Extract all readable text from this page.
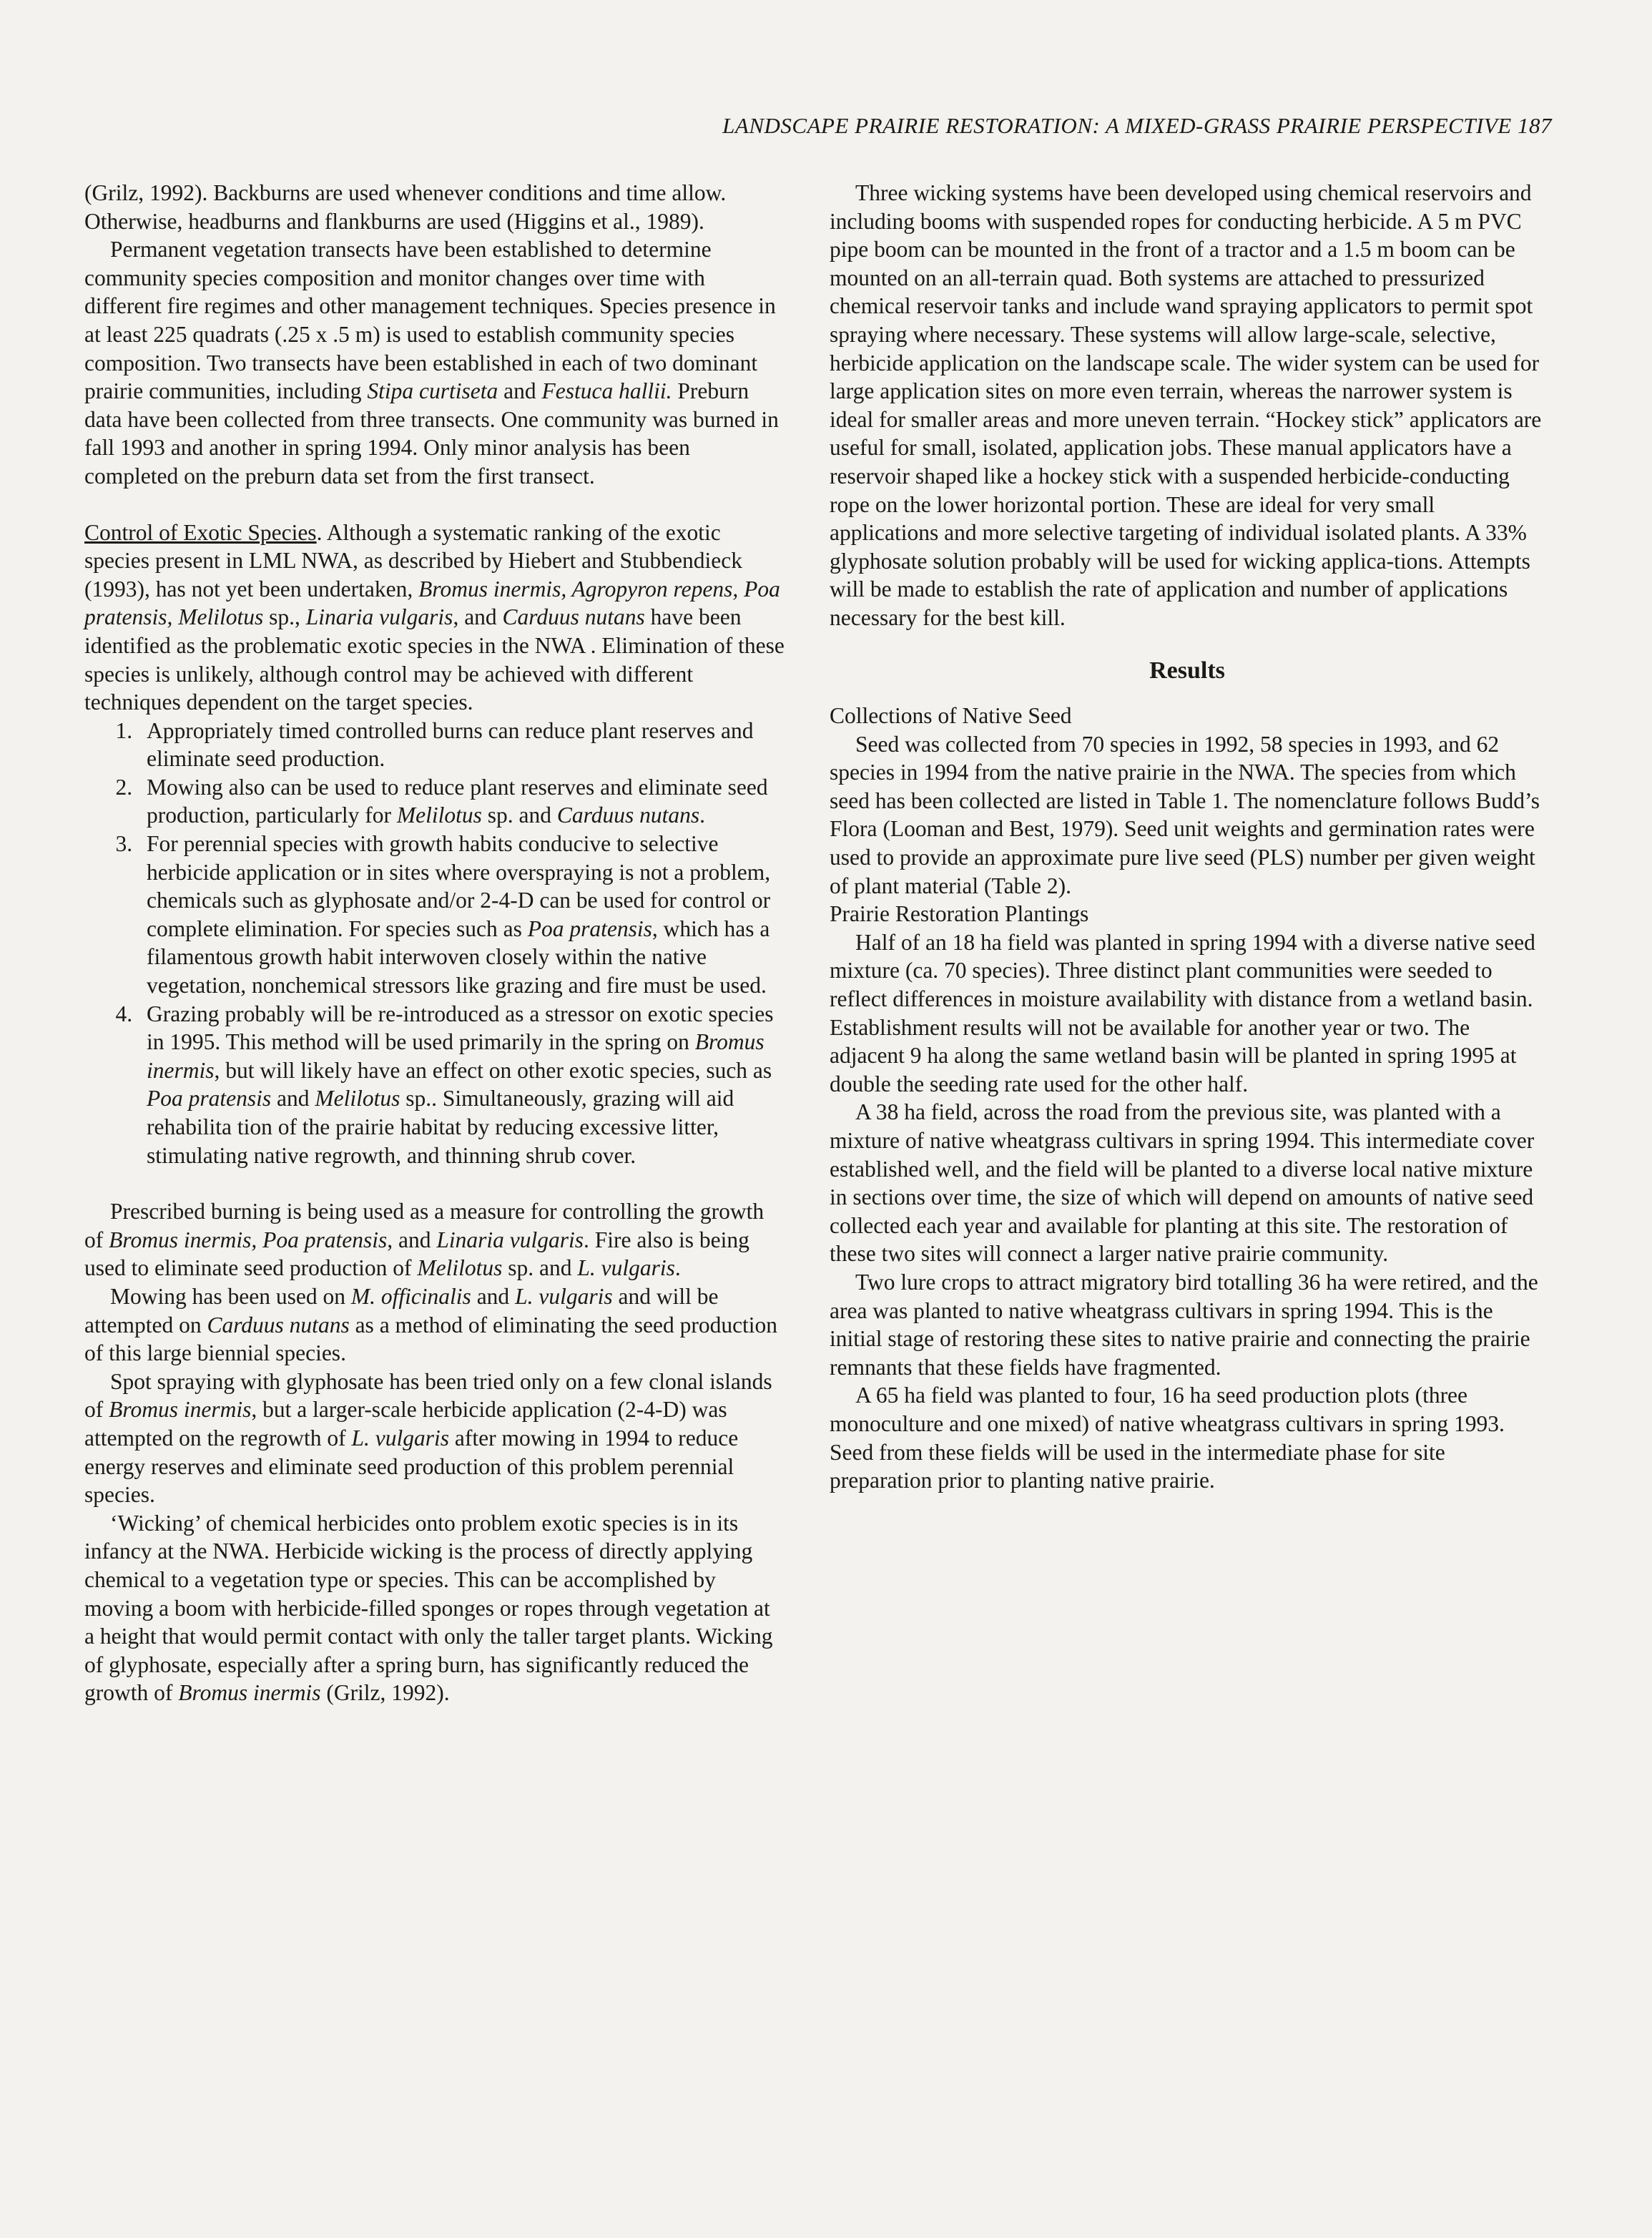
LANDSCAPE PRAIRIE RESTORATION: A MIXED-GRASS PRAIRIE PERSPECTIVE 187

(Grilz, 1992). Backburns are used whenever conditions and time allow. Otherwise, headburns and flankburns are used (Higgins et al., 1989).

Permanent vegetation transects have been established to determine community species composition and monitor changes over time with different fire regimes and other management techniques. Species presence in at least 225 quadrats (.25 x .5 m) is used to establish community species composition. Two transects have been established in each of two dominant prairie communities, including Stipa curtiseta and Festuca hallii. Preburn data have been collected from three transects. One community was burned in fall 1993 and another in spring 1994. Only minor analysis has been completed on the preburn data set from the first transect.

Control of Exotic Species. Although a systematic ranking of the exotic species present in LML NWA, as described by Hiebert and Stubbendieck (1993), has not yet been undertaken, Bromus inermis, Agropyron repens, Poa pratensis, Melilotus sp., Linaria vulgaris, and Carduus nutans have been identified as the problematic exotic species in the NWA . Elimination of these species is unlikely, although control may be achieved with different techniques dependent on the target species.

1. Appropriately timed controlled burns can reduce plant reserves and eliminate seed production.
2. Mowing also can be used to reduce plant reserves and eliminate seed production, particularly for Melilotus sp. and Carduus nutans.
3. For perennial species with growth habits conducive to selective herbicide application or in sites where overspraying is not a problem, chemicals such as glyphosate and/or 2-4-D can be used for control or complete elimination. For species such as Poa pratensis, which has a filamentous growth habit interwoven closely within the native vegetation, nonchemical stressors like grazing and fire must be used.
4. Grazing probably will be re-introduced as a stressor on exotic species in 1995. This method will be used primarily in the spring on Bromus inermis, but will likely have an effect on other exotic species, such as Poa pratensis and Melilotus sp.. Simultaneously, grazing will aid rehabilita tion of the prairie habitat by reducing excessive litter, stimulating native regrowth, and thinning shrub cover.

Prescribed burning is being used as a measure for controlling the growth of Bromus inermis, Poa pratensis, and Linaria vulgaris. Fire also is being used to eliminate seed production of Melilotus sp. and L. vulgaris.

Mowing has been used on M. officinalis and L. vulgaris and will be attempted on Carduus nutans as a method of eliminating the seed production of this large biennial species.

Spot spraying with glyphosate has been tried only on a few clonal islands of Bromus inermis, but a larger-scale herbicide application (2-4-D) was attempted on the regrowth of L. vulgaris after mowing in 1994 to reduce energy reserves and eliminate seed production of this problem perennial species.

‘Wicking’ of chemical herbicides onto problem exotic species is in its infancy at the NWA. Herbicide wicking is the process of directly applying chemical to a vegetation type or species. This can be accomplished by moving a boom with herbicide-filled sponges or ropes through vegetation at a height that would permit contact with only the taller target plants. Wicking of glyphosate, especially after a spring burn, has significantly reduced the growth of Bromus inermis (Grilz, 1992).

Three wicking systems have been developed using chemical reservoirs and including booms with suspended ropes for conducting herbicide. A 5 m PVC pipe boom can be mounted in the front of a tractor and a 1.5 m boom can be mounted on an all-terrain quad. Both systems are attached to pressurized chemical reservoir tanks and include wand spraying applicators to permit spot spraying where necessary. These systems will allow large-scale, selective, herbicide application on the landscape scale. The wider system can be used for large application sites on more even terrain, whereas the narrower system is ideal for smaller areas and more uneven terrain. “Hockey stick” applicators are useful for small, isolated, application jobs. These manual applicators have a reservoir shaped like a hockey stick with a suspended herbicide-conducting rope on the lower horizontal portion. These are ideal for very small applications and more selective targeting of individual isolated plants. A 33% glyphosate solution probably will be used for wicking applica-tions. Attempts will be made to establish the rate of application and number of applications necessary for the best kill.

Results

Collections of Native Seed

Seed was collected from 70 species in 1992, 58 species in 1993, and 62 species in 1994 from the native prairie in the NWA. The species from which seed has been collected are listed in Table 1. The nomenclature follows Budd’s Flora (Looman and Best, 1979). Seed unit weights and germination rates were used to provide an approximate pure live seed (PLS) number per given weight of plant material (Table 2).

Prairie Restoration Plantings

Half of an 18 ha field was planted in spring 1994 with a diverse native seed mixture (ca. 70 species). Three distinct plant communities were seeded to reflect differences in moisture availability with distance from a wetland basin. Establishment results will not be available for another year or two. The adjacent 9 ha along the same wetland basin will be planted in spring 1995 at double the seeding rate used for the other half.

A 38 ha field, across the road from the previous site, was planted with a mixture of native wheatgrass cultivars in spring 1994. This intermediate cover established well, and the field will be planted to a diverse local native mixture in sections over time, the size of which will depend on amounts of native seed collected each year and available for planting at this site. The restoration of these two sites will connect a larger native prairie community.

Two lure crops to attract migratory bird totalling 36 ha were retired, and the area was planted to native wheatgrass cultivars in spring 1994. This is the initial stage of restoring these sites to native prairie and connecting the prairie remnants that these fields have fragmented.

A 65 ha field was planted to four, 16 ha seed production plots (three monoculture and one mixed) of native wheatgrass cultivars in spring 1993. Seed from these fields will be used in the intermediate phase for site preparation prior to planting native prairie.
